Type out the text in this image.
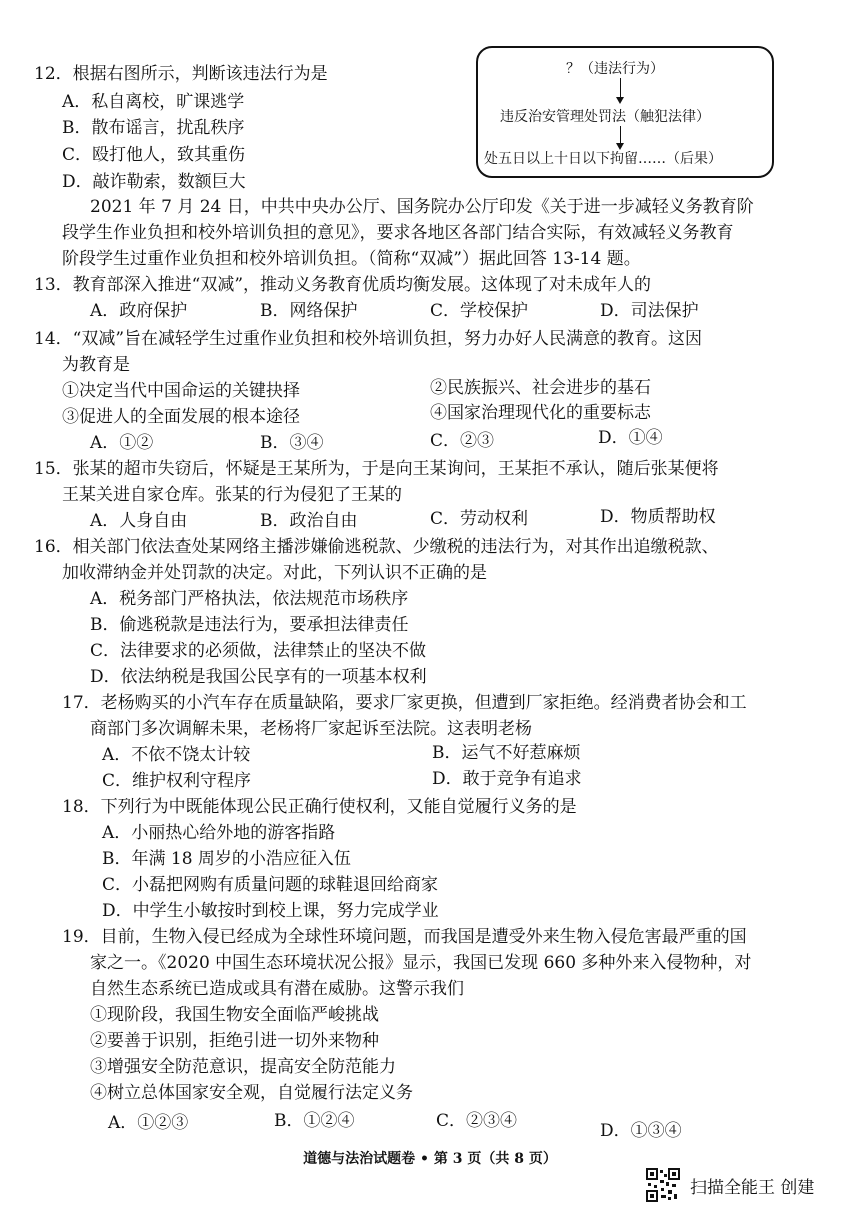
12．根据右图所示，判断该违法行为是
A．私自离校，旷课逃学
B．散布谣言，扰乱秩序
C．殴打他人，致其重伤
D．敲诈勒索，数额巨大
？（违法行为）
违反治安管理处罚法（触犯法律）
处五日以上十日以下拘留……（后果）
2021 年 7 月 24 日，中共中央办公厅、国务院办公厅印发《关于进一步减轻义务教育阶
段学生作业负担和校外培训负担的意见》，要求各地区各部门结合实际，有效减轻义务教育
阶段学生过重作业负担和校外培训负担。（简称“双减”）据此回答 13-14 题。
13．教育部深入推进“双减”，推动义务教育优质均衡发展。这体现了对未成年人的
A．政府保护	B．网络保护	C．学校保护	D．司法保护
14．“双减”旨在减轻学生过重作业负担和校外培训负担，努力办好人民满意的教育。这因
为教育是
①决定当代中国命运的关键抉择	②民族振兴、社会进步的基石
③促进人的全面发展的根本途径	④国家治理现代化的重要标志
A．①②	B．③④	C．②③	D．①④
15．张某的超市失窃后，怀疑是王某所为，于是向王某询问，王某拒不承认，随后张某便将
王某关进自家仓库。张某的行为侵犯了王某的
A．人身自由	B．政治自由	C．劳动权利	D．物质帮助权
16．相关部门依法查处某网络主播涉嫌偷逃税款、少缴税的违法行为，对其作出追缴税款、
加收滞纳金并处罚款的决定。对此，下列认识不正确的是
A．税务部门严格执法，依法规范市场秩序
B．偷逃税款是违法行为，要承担法律责任
C．法律要求的必须做，法律禁止的坚决不做
D．依法纳税是我国公民享有的一项基本权利
17．老杨购买的小汽车存在质量缺陷，要求厂家更换，但遭到厂家拒绝。经消费者协会和工
商部门多次调解未果，老杨将厂家起诉至法院。这表明老杨
A．不依不饶太计较	B．运气不好惹麻烦
C．维护权利守程序	D．敢于竞争有追求
18．下列行为中既能体现公民正确行使权利，又能自觉履行义务的是
A．小丽热心给外地的游客指路
B．年满 18 周岁的小浩应征入伍
C．小磊把网购有质量问题的球鞋退回给商家
D．中学生小敏按时到校上课，努力完成学业
19．目前，生物入侵已经成为全球性环境问题，而我国是遭受外来生物入侵危害最严重的国
家之一。《2020 中国生态环境状况公报》显示，我国已发现 660 多种外来入侵物种，对
自然生态系统已造成或具有潜在威胁。这警示我们
①现阶段，我国生物安全面临严峻挑战
②要善于识别，拒绝引进一切外来物种
③增强安全防范意识，提高安全防范能力
④树立总体国家安全观，自觉履行法定义务
A．①②③	B．①②④	C．②③④	D．①③④
道德与法治试题卷 • 第 3 页（共 8 页）
扫描全能王 创建
